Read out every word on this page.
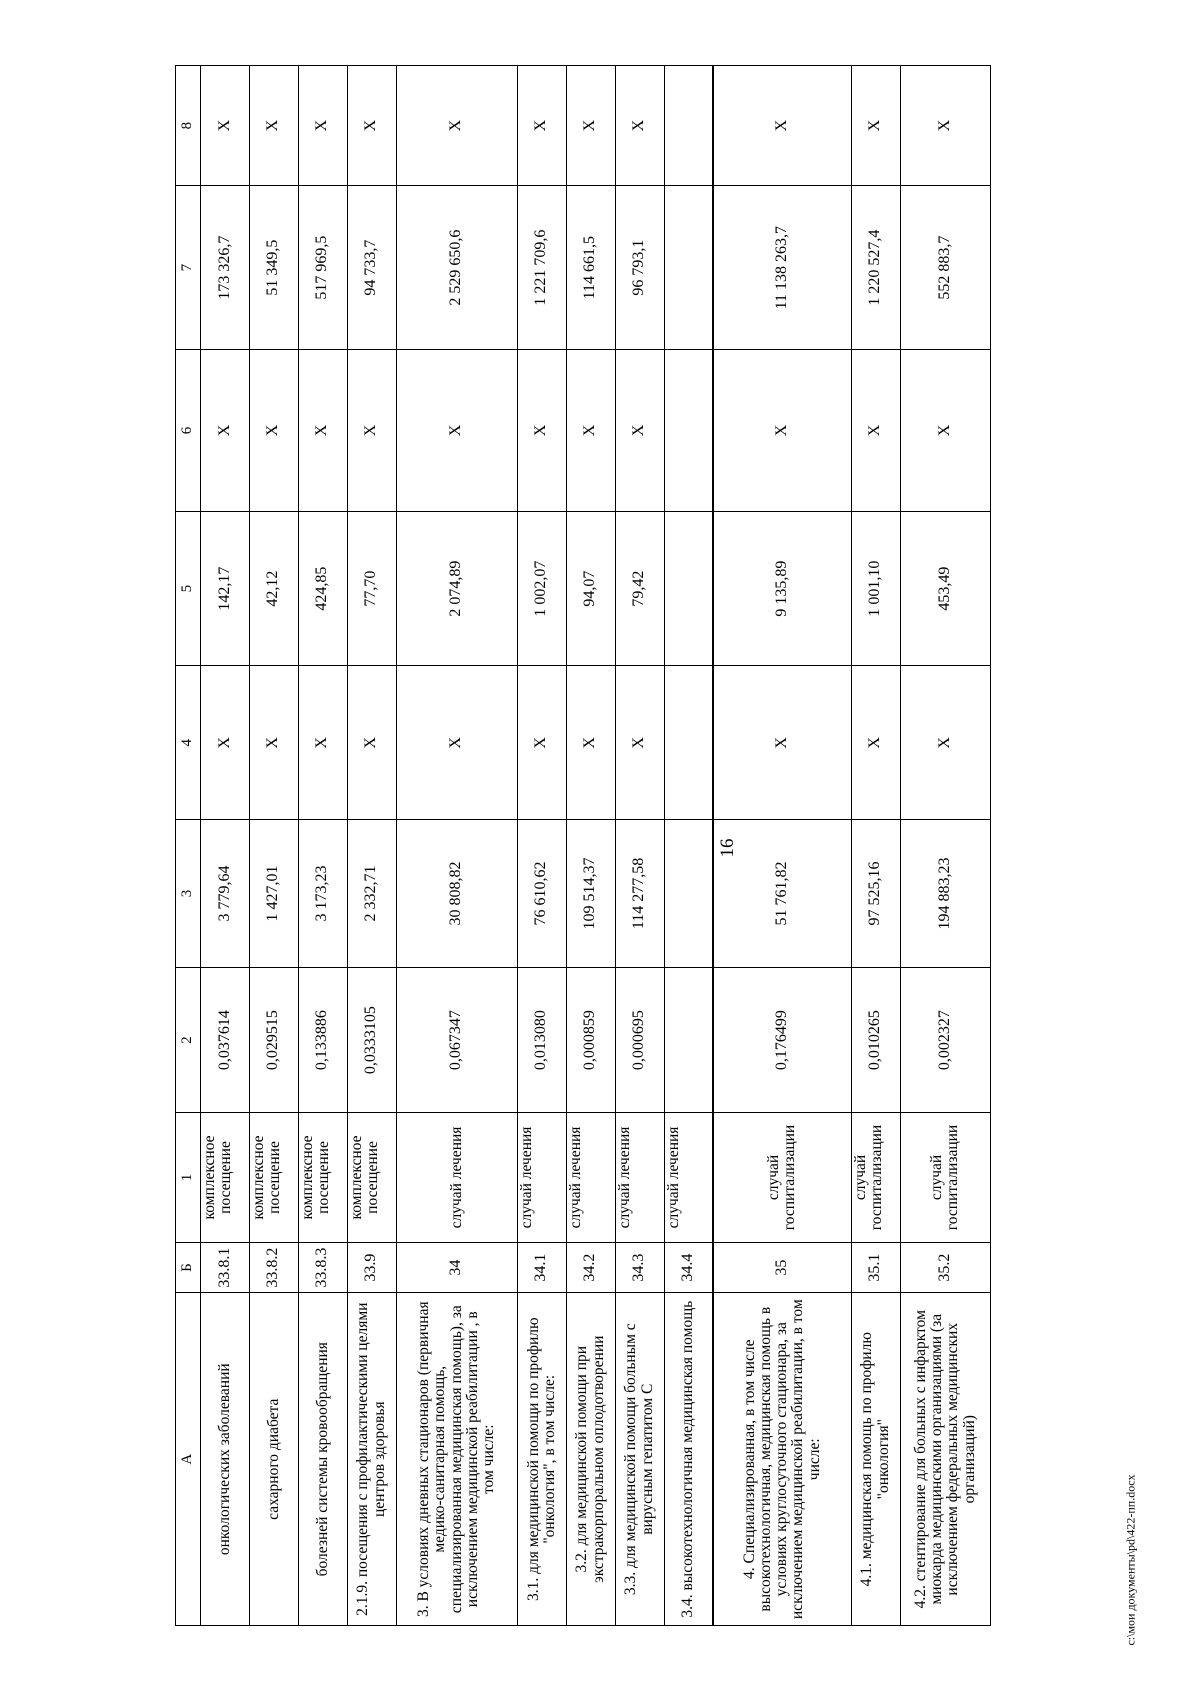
16
А	Б	1	2	3	4	5	6	7	8
онкологических заболеваний	33.8.1	комплексное посещение	0,037614	3 779,64	Х	142,17	Х	173 326,7	Х
сахарного диабета	33.8.2	комплексное посещение	0,029515	1 427,01	Х	42,12	Х	51 349,5	Х
болезней системы кровообращения	33.8.3	комплексное посещение	0,133886	3 173,23	Х	424,85	Х	517 969,5	Х
2.1.9. посещения с профилактическими целями центров здоровья	33.9	комплексное посещение	0,0333105	2 332,71	Х	77,70	Х	94 733,7	Х
3. В условиях дневных стационаров (первичная медико-санитарная помощь, специализированная медицинская помощь), за исключением медицинской реабилитации , в том числе:	34	случай лечения	0,067347	30 808,82	Х	2 074,89	Х	2 529 650,6	Х
3.1. для медицинской помощи по профилю "онкология", в том числе:	34.1	случай лечения	0,013080	76 610,62	Х	1 002,07	Х	1 221 709,6	Х
3.2. для медицинской помощи при экстракорпоральном оплодотворении	34.2	случай лечения	0,000859	109 514,37	Х	94,07	Х	114 661,5	Х
3.3. для медицинской помощи больным с вирусным гепатитом С	34.3	случай лечения	0,000695	114 277,58	Х	79,42	Х	96 793,1	Х
3.4. высокотехнологичная медицинская помощь	34.4	случай лечения							
4. Специализированная, в том числе высокотехнологичная, медицинская помощь в условиях круглосуточного стационара, за исключением медицинской реабилитации, в том числе:	35	случай госпитализации	0,176499	51 761,82	Х	9 135,89	Х	11 138 263,7	Х
4.1. медицинская помощь по профилю "онкология"	35.1	случай госпитализации	0,010265	97 525,16	Х	1 001,10	Х	1 220 527,4	Х
4.2. стентирование для больных с инфарктом миокарда медицинскими организациями (за исключением федеральных медицинских организаций)	35.2	случай госпитализации	0,002327	194 883,23	Х	453,49	Х	552 883,7	Х
c:\мои документы\pd\422-пп.docx
